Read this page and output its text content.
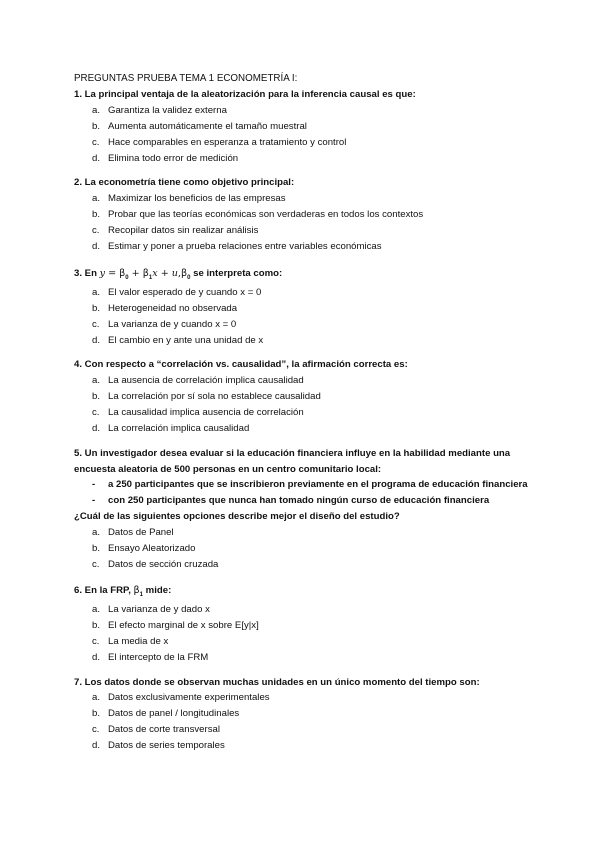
PREGUNTAS PRUEBA TEMA 1 ECONOMETRÍA I:

1. La principal ventaja de la aleatorización para la inferencia causal es que:
a. Garantiza la validez externa
b. Aumenta automáticamente el tamaño muestral
c. Hace comparables en esperanza a tratamiento y control
d. Elimina todo error de medición
2. La econometría tiene como objetivo principal:
a. Maximizar los beneficios de las empresas
b. Probar que las teorías económicas son verdaderas en todos los contextos
c. Recopilar datos sin realizar análisis
d. Estimar y poner a prueba relaciones entre variables económicas
3. En $y = \beta_0 + \beta_1x + u,\beta_0$ se interpreta como:
a. El valor esperado de y cuando x = 0
b. Heterogeneidad no observada
c. La varianza de y cuando x = 0
d. El cambio en y ante una unidad de x
4. Con respecto a “correlación vs. causalidad”, la afirmación correcta es:
a. La ausencia de correlación implica causalidad
b. La correlación por sí sola no establece causalidad
c. La causalidad implica ausencia de correlación
d. La correlación implica causalidad
5. Un investigador desea evaluar si la educación financiera influye en la habilidad mediante una encuesta aleatoria de 500 personas en un centro comunitario local:
- a 250 participantes que se inscribieron previamente en el programa de educación financiera
- con 250 participantes que nunca han tomado ningún curso de educación financiera
¿Cuál de las siguientes opciones describe mejor el diseño del estudio?
a. Datos de Panel
b. Ensayo Aleatorizado
c. Datos de sección cruzada
6. En la FRP, $\beta_1$ mide:
a. La varianza de y dado x
b. El efecto marginal de x sobre E[y|x]
c. La media de x
d. El intercepto de la FRM
7. Los datos donde se observan muchas unidades en un único momento del tiempo son:
a. Datos exclusivamente experimentales
b. Datos de panel / longitudinales
c. Datos de corte transversal
d. Datos de series temporales
